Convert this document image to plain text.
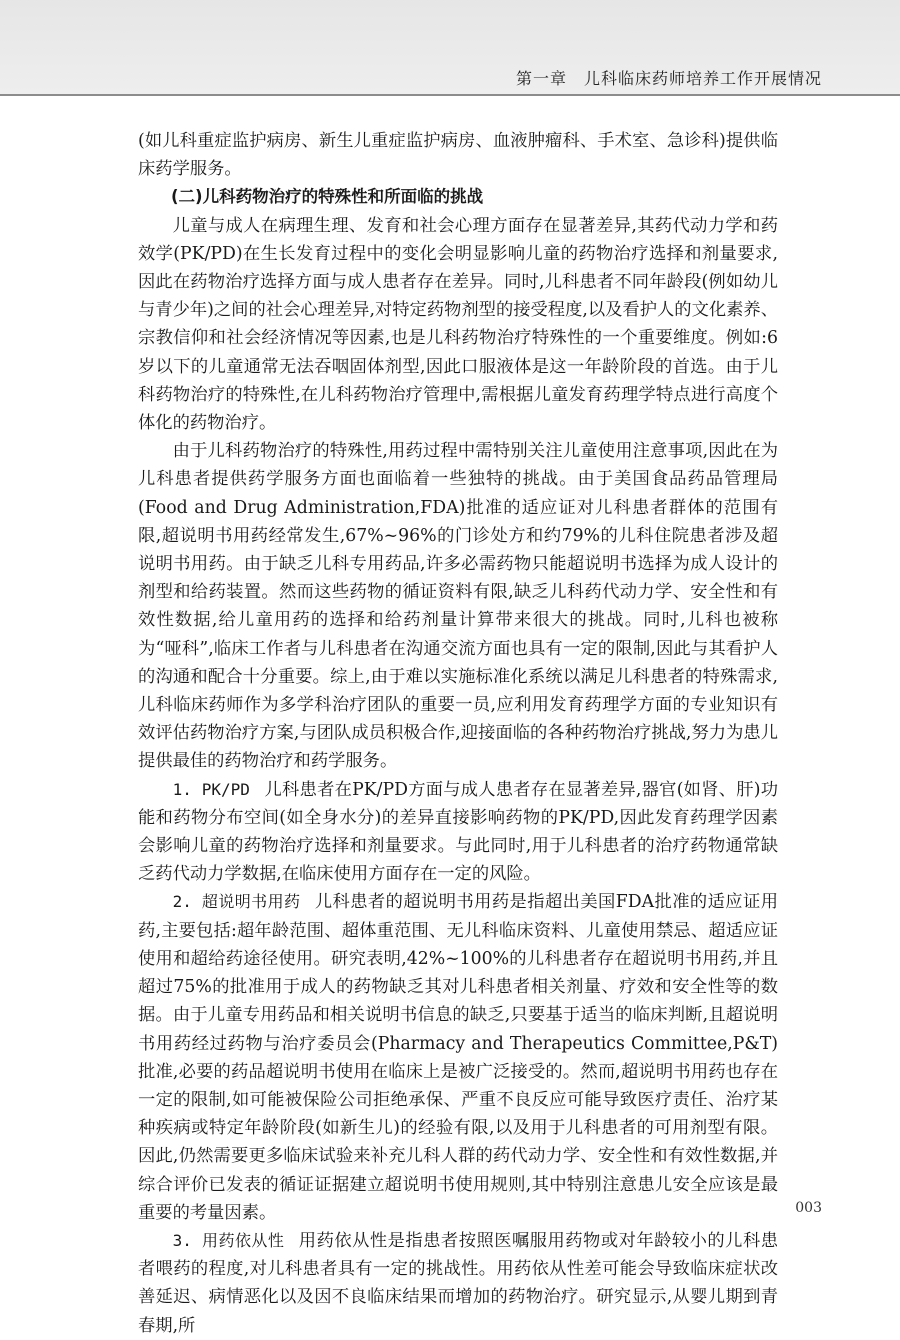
第一章　儿科临床药师培养工作开展情况

(如儿科重症监护病房、新生儿重症监护病房、血液肿瘤科、手术室、急诊科)提供临床药学服务。

(二)儿科药物治疗的特殊性和所面临的挑战

儿童与成人在病理生理、发育和社会心理方面存在显著差异,其药代动力学和药效学(PK/PD)在生长发育过程中的变化会明显影响儿童的药物治疗选择和剂量要求,因此在药物治疗选择方面与成人患者存在差异。同时,儿科患者不同年龄段(例如幼儿与青少年)之间的社会心理差异,对特定药物剂型的接受程度,以及看护人的文化素养、宗教信仰和社会经济情况等因素,也是儿科药物治疗特殊性的一个重要维度。例如:6岁以下的儿童通常无法吞咽固体剂型,因此口服液体是这一年龄阶段的首选。由于儿科药物治疗的特殊性,在儿科药物治疗管理中,需根据儿童发育药理学特点进行高度个体化的药物治疗。

由于儿科药物治疗的特殊性,用药过程中需特别关注儿童使用注意事项,因此在为儿科患者提供药学服务方面也面临着一些独特的挑战。由于美国食品药品管理局(Food and Drug Administration,FDA)批准的适应证对儿科患者群体的范围有限,超说明书用药经常发生,67%~96%的门诊处方和约79%的儿科住院患者涉及超说明书用药。由于缺乏儿科专用药品,许多必需药物只能超说明书选择为成人设计的剂型和给药装置。然而这些药物的循证资料有限,缺乏儿科药代动力学、安全性和有效性数据,给儿童用药的选择和给药剂量计算带来很大的挑战。同时,儿科也被称为“哑科”,临床工作者与儿科患者在沟通交流方面也具有一定的限制,因此与其看护人的沟通和配合十分重要。综上,由于难以实施标准化系统以满足儿科患者的特殊需求,儿科临床药师作为多学科治疗团队的重要一员,应利用发育药理学方面的专业知识有效评估药物治疗方案,与团队成员积极合作,迎接面临的各种药物治疗挑战,努力为患儿提供最佳的药物治疗和药学服务。

1. PK/PD 儿科患者在PK/PD方面与成人患者存在显著差异,器官(如肾、肝)功能和药物分布空间(如全身水分)的差异直接影响药物的PK/PD,因此发育药理学因素会影响儿童的药物治疗选择和剂量要求。与此同时,用于儿科患者的治疗药物通常缺乏药代动力学数据,在临床使用方面存在一定的风险。

2. 超说明书用药 儿科患者的超说明书用药是指超出美国FDA批准的适应证用药,主要包括:超年龄范围、超体重范围、无儿科临床资料、儿童使用禁忌、超适应证使用和超给药途径使用。研究表明,42%~100%的儿科患者存在超说明书用药,并且超过75%的批准用于成人的药物缺乏其对儿科患者相关剂量、疗效和安全性等的数据。由于儿童专用药品和相关说明书信息的缺乏,只要基于适当的临床判断,且超说明书用药经过药物与治疗委员会(Pharmacy and Therapeutics Committee,P&T)批准,必要的药品超说明书使用在临床上是被广泛接受的。然而,超说明书用药也存在一定的限制,如可能被保险公司拒绝承保、严重不良反应可能导致医疗责任、治疗某种疾病或特定年龄阶段(如新生儿)的经验有限,以及用于儿科患者的可用剂型有限。因此,仍然需要更多临床试验来补充儿科人群的药代动力学、安全性和有效性数据,并综合评价已发表的循证证据建立超说明书使用规则,其中特别注意患儿安全应该是最重要的考量因素。

3. 用药依从性 用药依从性是指患者按照医嘱服用药物或对年龄较小的儿科患者喂药的程度,对儿科患者具有一定的挑战性。用药依从性差可能会导致临床症状改善延迟、病情恶化以及因不良临床结果而增加的药物治疗。研究显示,从婴儿期到青春期,所

003
